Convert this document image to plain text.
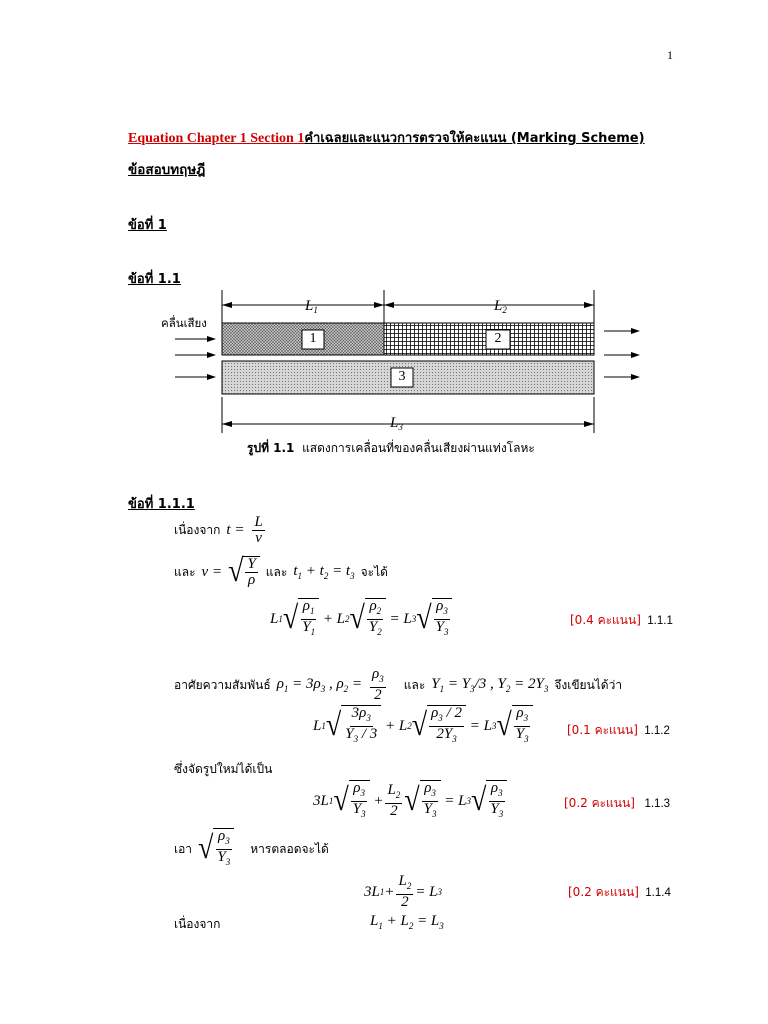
1
Equation Chapter 1 Section 1คำเฉลยและแนวการตรวจให้คะแนน (Marking Scheme)
ข้อสอบทฤษฎี
ข้อที่ 1
ข้อที่ 1.1
$L_1$	$L_2$
$L_3$
คลื่นเสียง
1	2
3
รูปที่ 1.1 แสดงการเคลื่อนที่ของคลื่นเสียงผ่านแท่งโลหะ
ข้อที่ 1.1.1
เนื่องจาก $t = \frac{L}{v}$
และ v = √ $\frac{Y}{\rho}$ และ $t_1 + t_2 = t_3$ จะได้
L 1 √ $\frac{\rho_1}{Y_1} + L$ 2 √ $\frac{\rho_2}{Y_2} = L$ 3 √ $\frac{\rho_3}{Y_3}$	[0.4 คะแนน] 1.1.1
อาศัยความสัมพันธ์ $\rho_1 = 3\rho_3$ , $\rho_2 = \frac{\rho_3}{2}$ และ $Y_1 = Y_3/3$ , $Y_2 = 2Y_3$ จึงเขียนได้ว่า
L 1 √ $\frac{3\rho_3}{Y_3 / 3} + L$ 2 √ $\frac{\rho_3 / 2}{2Y_3} = L$ 3 √ $\frac{\rho_3}{Y_3}$	[0.1 คะแนน] 1.1.2
ซึ่งจัดรูปใหม่ได้เป็น
3L 1 √ $\frac{\rho_3}{Y_3} + \frac{L_2}{2}$ √ $\frac{\rho_3}{Y_3} = L$ 3 √ $\frac{\rho_3}{Y_3}$	[0.2 คะแนน] 1.1.3
เอา √ $\frac{\rho_3}{Y_3}$ หารตลอดจะได้
3L $1 + \frac{L_2}{2} = L$ 3	[0.2 คะแนน] 1.1.4
เนื่องจาก	$L_1 + L_2 = L_3$
